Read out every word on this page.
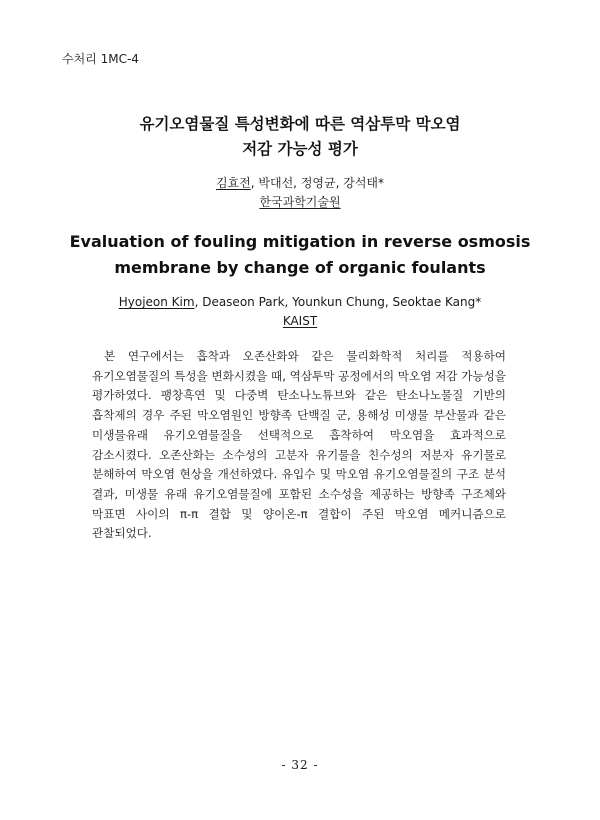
수처리 1MC-4
유기오염물질 특성변화에 따른 역삼투막 막오염
저감 가능성 평가
김효전, 박대선, 정영균, 강석태*
한국과학기술원
Evaluation of fouling mitigation in reverse osmosis
membrane by change of organic foulants
Hyojeon Kim, Deaseon Park, Younkun Chung, Seoktae Kang*
KAIST

본 연구에서는 흡착과 오존산화와 같은 물리화학적 처리를 적용하여 유기오염물질의 특성을 변화시켰을 때, 역삼투막 공정에서의 막오염 저감 가능성을 평가하였다. 팽창흑연 및 다중벽 탄소나노튜브와 같은 탄소나노물질 기반의 흡착제의 경우 주된 막오염원인 방향족 단백질 군, 용해성 미생물 부산물과 같은 미생물유래 유기오염물질을 선택적으로 흡착하여 막오염을 효과적으로 감소시켰다. 오존산화는 소수성의 고분자 유기물을 친수성의 저분자 유기물로 분해하여 막오염 현상을 개선하였다. 유입수 및 막오염 유기오염물질의 구조 분석 결과, 미생물 유래 유기오염물질에 포함된 소수성을 제공하는 방향족 구조체와 막표면 사이의 π-π 결합 및 양이온-π 결합이 주된 막오염 메커니즘으로 관찰되었다.

- 32 -
